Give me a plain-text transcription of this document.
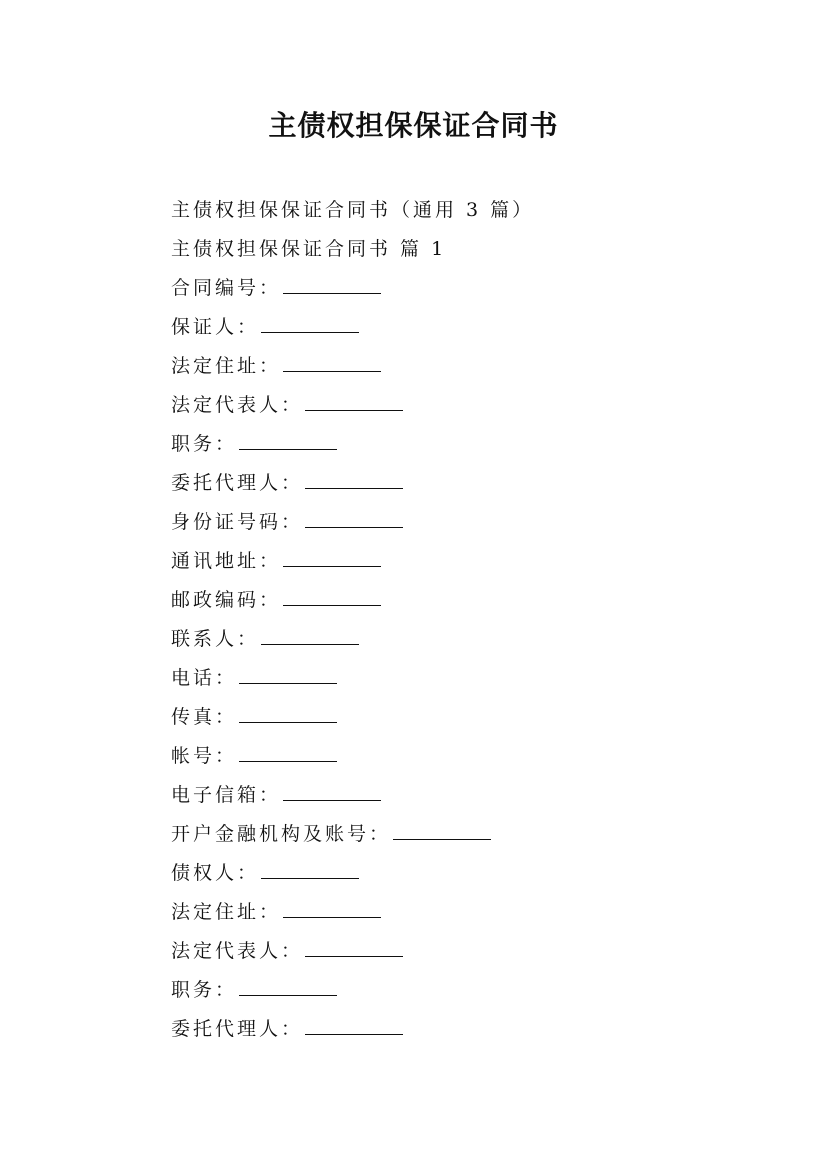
主债权担保保证合同书
主债权担保保证合同书（通用 3 篇）
主债权担保保证合同书 篇 1
合同编号：
保证人：
法定住址：
法定代表人：
职务：
委托代理人：
身份证号码：
通讯地址：
邮政编码：
联系人：
电话：
传真：
帐号：
电子信箱：
开户金融机构及账号：
债权人：
法定住址：
法定代表人：
职务：
委托代理人：
